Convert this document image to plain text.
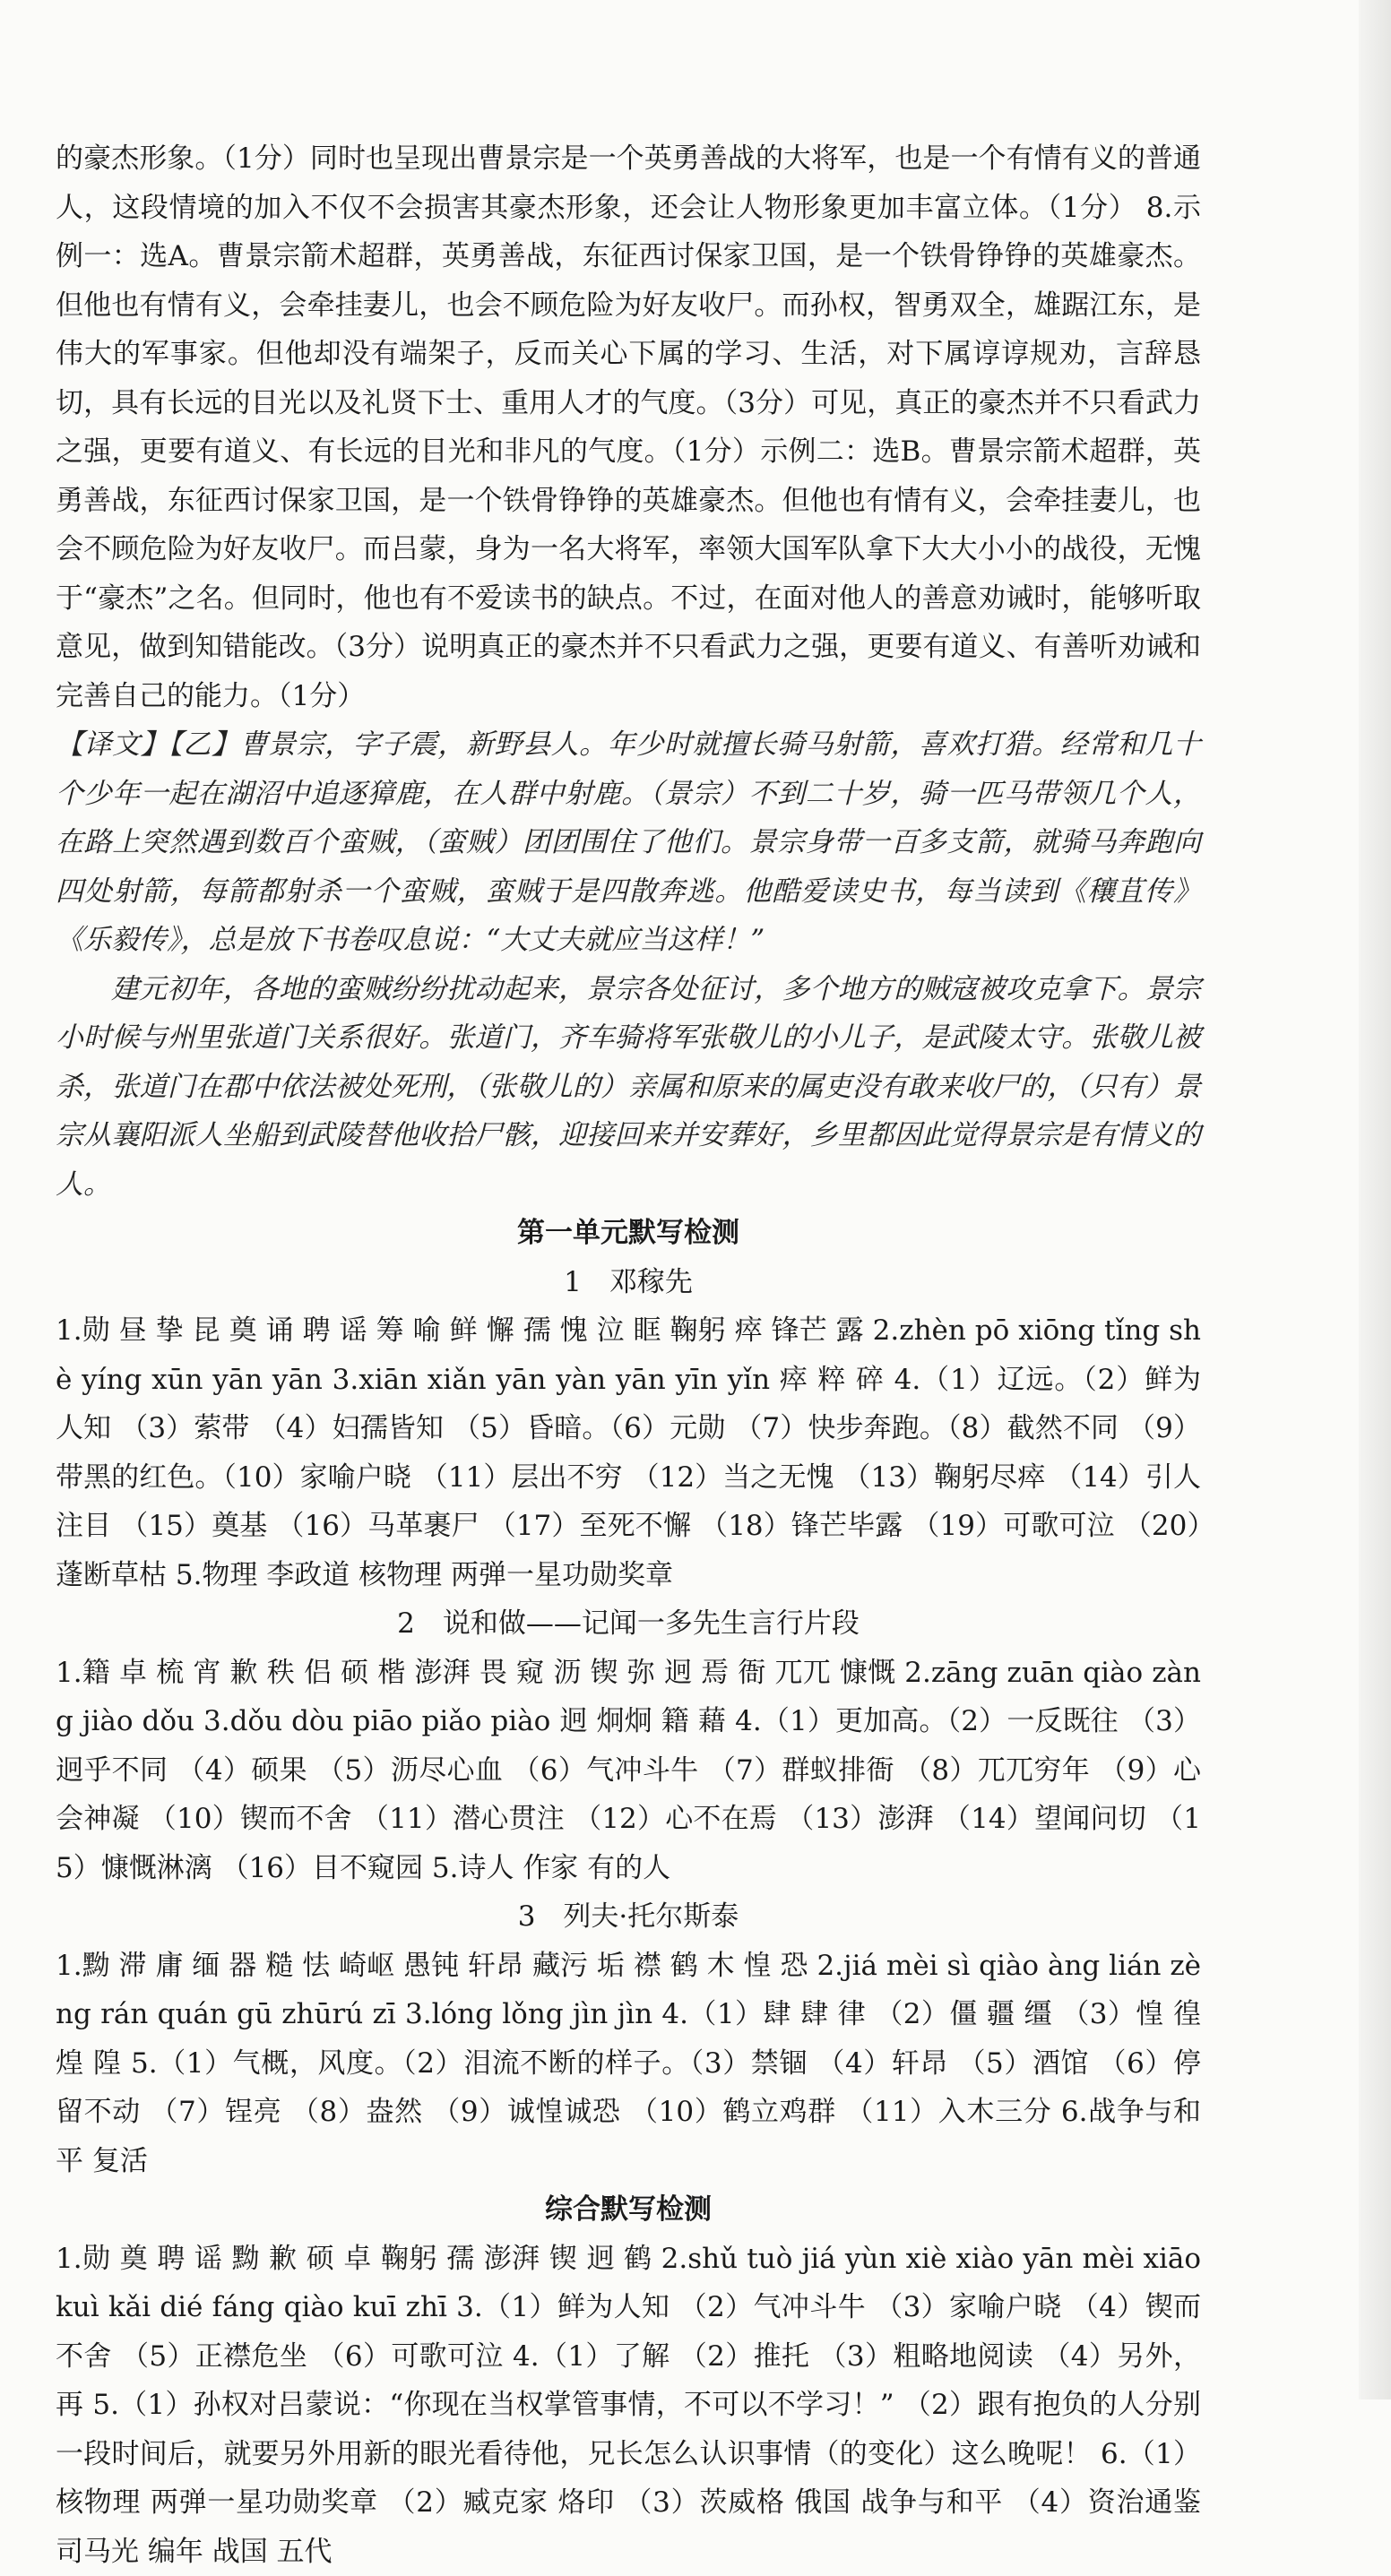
的豪杰形象。（1分）同时也呈现出曹景宗是一个英勇善战的大将军，也是一个有情有义的普通人，这段情境的加入不仅不会损害其豪杰形象，还会让人物形象更加丰富立体。（1分） 8.示例一：选A。曹景宗箭术超群，英勇善战，东征西讨保家卫国，是一个铁骨铮铮的英雄豪杰。但他也有情有义，会牵挂妻儿，也会不顾危险为好友收尸。而孙权，智勇双全，雄踞江东，是伟大的军事家。但他却没有端架子，反而关心下属的学习、生活，对下属谆谆规劝，言辞恳切，具有长远的目光以及礼贤下士、重用人才的气度。（3分）可见，真正的豪杰并不只看武力之强，更要有道义、有长远的目光和非凡的气度。（1分）示例二：选B。曹景宗箭术超群，英勇善战，东征西讨保家卫国，是一个铁骨铮铮的英雄豪杰。但他也有情有义，会牵挂妻儿，也会不顾危险为好友收尸。而吕蒙，身为一名大将军，率领大国军队拿下大大小小的战役，无愧于“豪杰”之名。但同时，他也有不爱读书的缺点。不过，在面对他人的善意劝诫时，能够听取意见，做到知错能改。（3分）说明真正的豪杰并不只看武力之强，更要有道义、有善听劝诫和完善自己的能力。（1分）

【译文】【乙】曹景宗，字子震，新野县人。年少时就擅长骑马射箭，喜欢打猎。经常和几十个少年一起在湖沼中追逐獐鹿，在人群中射鹿。（景宗）不到二十岁，骑一匹马带领几个人，在路上突然遇到数百个蛮贼，（蛮贼）团团围住了他们。景宗身带一百多支箭，就骑马奔跑向四处射箭，每箭都射杀一个蛮贼，蛮贼于是四散奔逃。他酷爱读史书，每当读到《穰苴传》《乐毅传》，总是放下书卷叹息说：“大丈夫就应当这样！”

建元初年，各地的蛮贼纷纷扰动起来，景宗各处征讨，多个地方的贼寇被攻克拿下。景宗小时候与州里张道门关系很好。张道门，齐车骑将军张敬儿的小儿子，是武陵太守。张敬儿被杀，张道门在郡中依法被处死刑，（张敬儿的）亲属和原来的属吏没有敢来收尸的，（只有）景宗从襄阳派人坐船到武陵替他收拾尸骸，迎接回来并安葬好，乡里都因此觉得景宗是有情义的人。

第一单元默写检测
1　邓稼先

1.勋 昼 挚 昆 奠 诵 聘 谣 筹 喻 鲜 懈 孺 愧 泣 眶 鞠躬 瘁 锋芒 露 2.zhèn pō xiōng tǐng shè yíng xūn yān yān 3.xiān xiǎn yān yàn yān yīn yǐn 瘁 粹 碎 4.（1）辽远。（2）鲜为人知 （3）萦带 （4）妇孺皆知 （5）昏暗。（6）元勋 （7）快步奔跑。（8）截然不同 （9）带黑的红色。（10）家喻户晓 （11）层出不穷 （12）当之无愧 （13）鞠躬尽瘁 （14）引人注目 （15）奠基 （16）马革裹尸 （17）至死不懈 （18）锋芒毕露 （19）可歌可泣 （20）蓬断草枯 5.物理 李政道 核物理 两弹一星功勋奖章

2　说和做——记闻一多先生言行片段

1.籍 卓 梳 宵 歉 秩 侣 硕 楷 澎湃 畏 窥 沥 锲 弥 迥 焉 衙 兀兀 慷慨 2.zāng zuān qiào zàng jiào dǒu 3.dǒu dòu piāo piǎo piào 迥 炯炯 籍 藉 4.（1）更加高。（2）一反既往 （3）迥乎不同 （4）硕果 （5）沥尽心血 （6）气冲斗牛 （7）群蚁排衙 （8）兀兀穷年 （9）心会神凝 （10）锲而不舍 （11）潜心贯注 （12）心不在焉 （13）澎湃 （14）望闻问切 （15）慷慨淋漓 （16）目不窥园 5.诗人 作家 有的人

3　列夫·托尔斯泰

1.黝 滞 庸 缅 器 糙 怯 崎岖 愚钝 轩昂 藏污 垢 襟 鹤 木 惶 恐 2.jiá mèi sì qiào àng lián zèng rán quán gū zhūrú zī 3.lóng lǒng jìn jìn 4.（1）肆 肆 律 （2）僵 疆 缰 （3）惶 徨 煌 隍 5.（1）气概，风度。（2）泪流不断的样子。（3）禁锢 （4）轩昂 （5）酒馆 （6）停留不动 （7）锃亮 （8）盎然 （9）诚惶诚恐 （10）鹤立鸡群 （11）入木三分 6.战争与和平 复活

综合默写检测

1.勋 奠 聘 谣 黝 歉 硕 卓 鞠躬 孺 澎湃 锲 迥 鹤 2.shǔ tuò jiá yùn xiè xiào yān mèi xiāo kuì kǎi dié fáng qiào kuī zhī 3.（1）鲜为人知 （2）气冲斗牛 （3）家喻户晓 （4）锲而不舍 （5）正襟危坐 （6）可歌可泣 4.（1）了解 （2）推托 （3）粗略地阅读 （4）另外，再 5.（1）孙权对吕蒙说：“你现在当权掌管事情，不可以不学习！” （2）跟有抱负的人分别一段时间后，就要另外用新的眼光看待他，兄长怎么认识事情（的变化）这么晚呢！ 6.（1）核物理 两弹一星功勋奖章 （2）臧克家 烙印 （3）茨威格 俄国 战争与和平 （4）资治通鉴 司马光 编年 战国 五代
